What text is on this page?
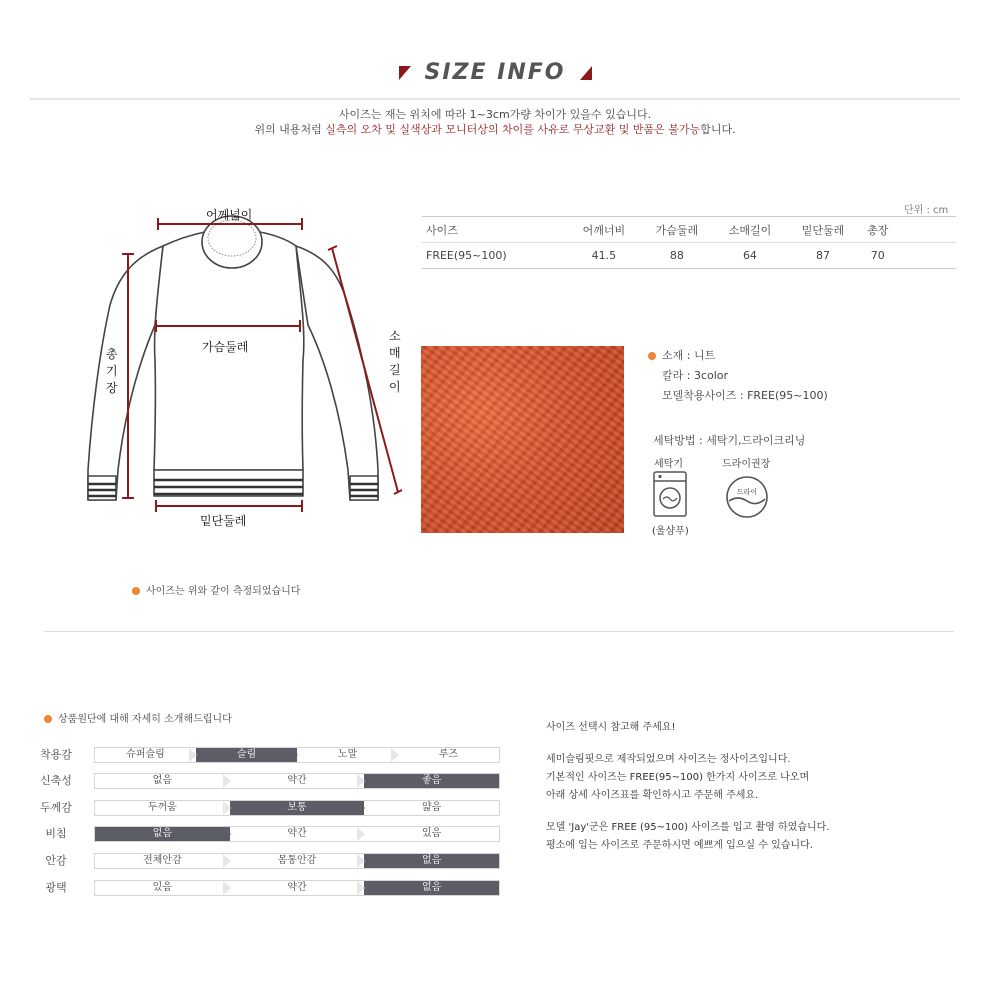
SIZE INFO
사이즈는 재는 위치에 따라 1~3cm가량 차이가 있을수 있습니다.
위의 내용처럼 실측의 오차 및 실색상과 모니터상의 차이를 사유로 무상교환 및 반품은 불가능합니다.
어께넓이
가슴둘레
총기장
소매길이
밑단둘레
단위 : cm
사이즈	어깨너비	가슴둘레	소매길이	밑단둘레	총장	
FREE(95~100)	41.5	88	64	87	70	
소재 : 니트
칼라 : 3color
모델착용사이즈 : FREE(95~100)
세탁방법 : 세탁기,드라이크리닝
세탁기	드라이권장
드라이
(울샴푸)
사이즈는 위와 같이 측정되었습니다
상품원단에 대해 자세히 소개해드립니다
착용감	슈퍼슬림	슬림	노말	루즈
신축성	없음	약간	좋음
두께감	두꺼움	보통	얇음
비침	없음	약간	있음
안감	전체안감	몸통안감	없음
광택	있음	약간	없음

사이즈 선택시 참고해 주세요!

세미슬림핏으로 제작되었으며 사이즈는 정사이즈입니다.

기본적인 사이즈는 FREE(95~100) 한가지 사이즈로 나오며

아래 상세 사이즈표를 확인하시고 주문해 주세요.

모델 'Jay'군은 FREE (95~100) 사이즈를 입고 촬영 하였습니다.

평소에 입는 사이즈로 주문하시면 예쁘게 입으실 수 있습니다.
